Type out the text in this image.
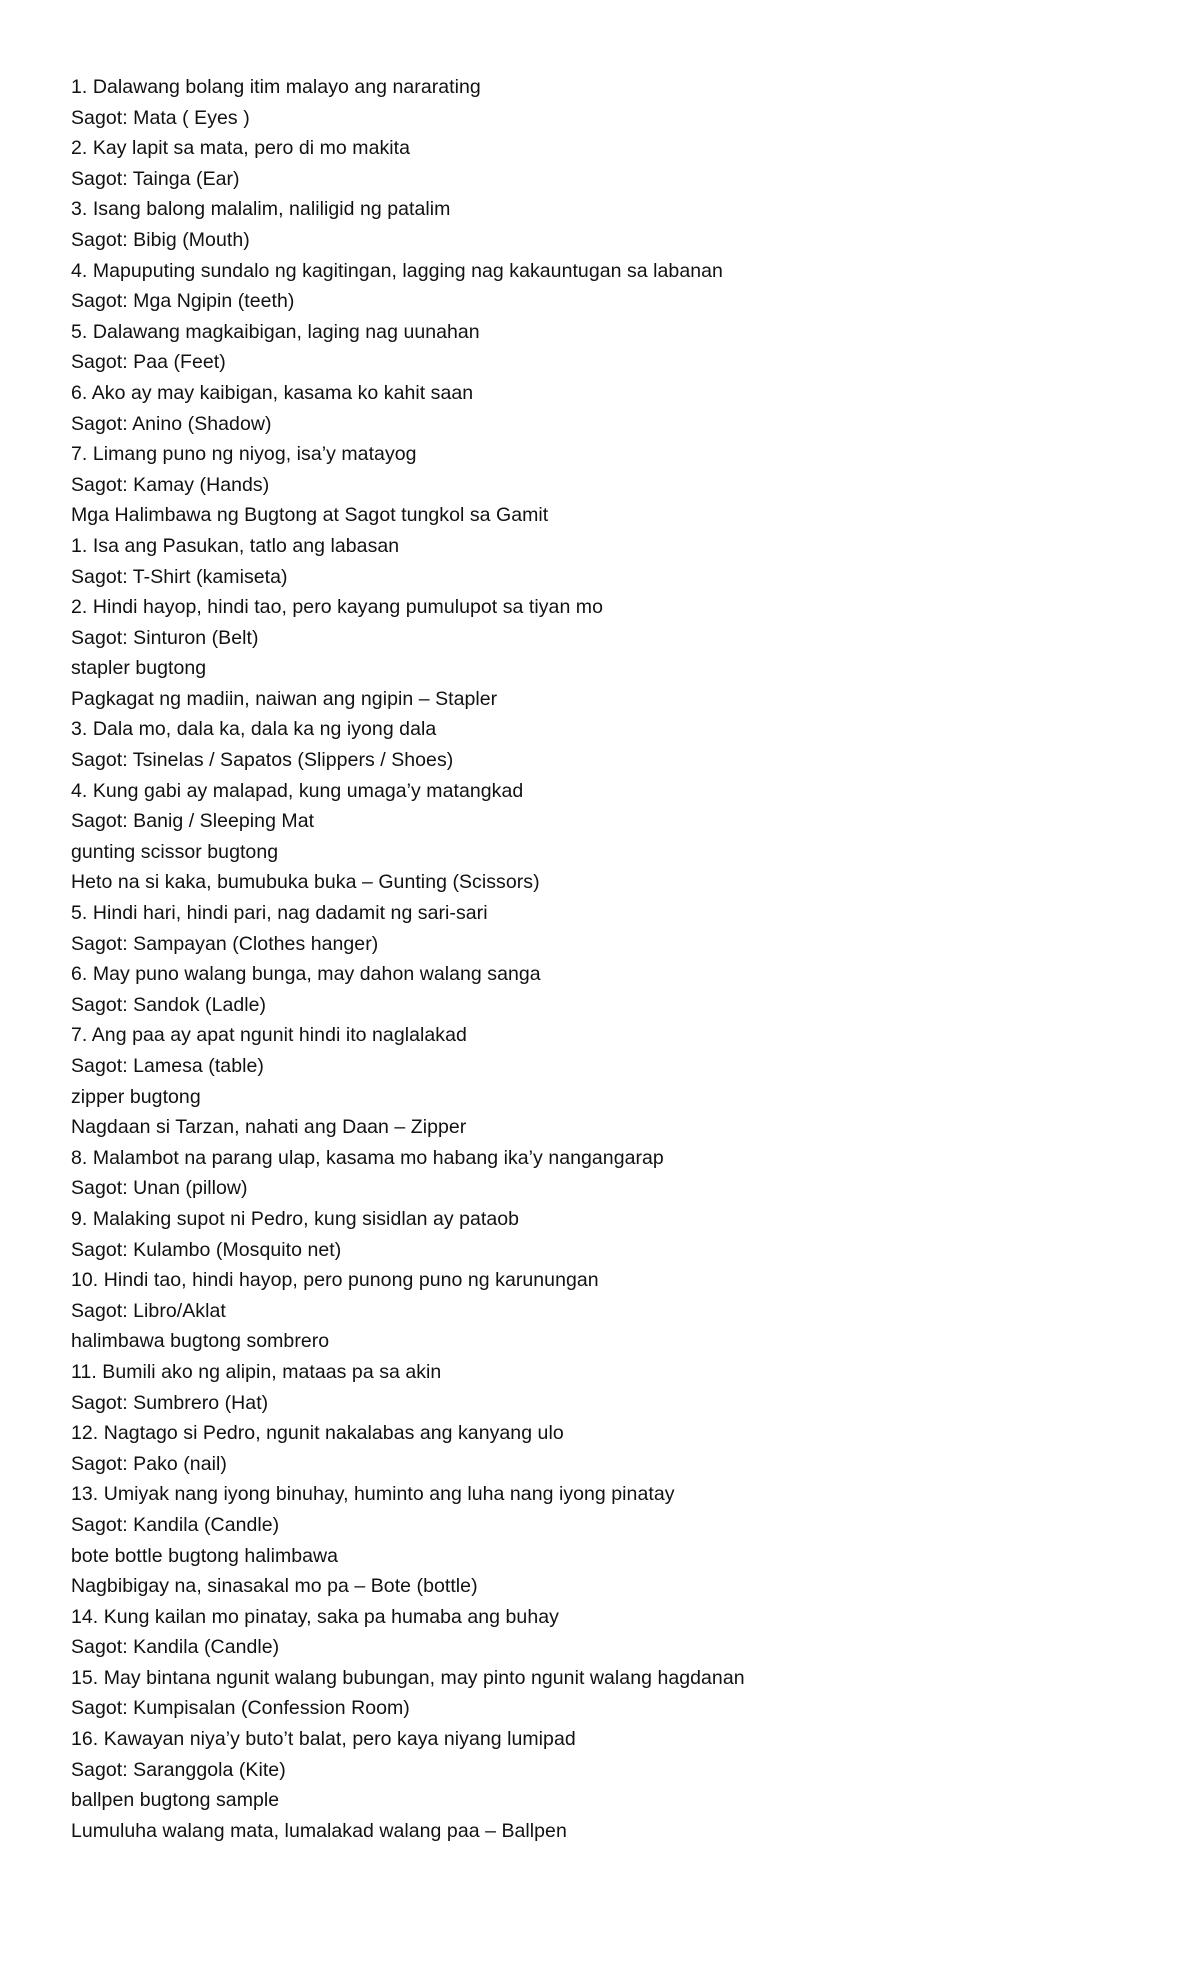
1. Dalawang bolang itim malayo ang nararating
Sagot: Mata ( Eyes )
2. Kay lapit sa mata, pero di mo makita
Sagot: Tainga (Ear)
3. Isang balong malalim, naliligid ng patalim
Sagot: Bibig (Mouth)
4. Mapuputing sundalo ng kagitingan, lagging nag kakauntugan sa labanan
Sagot: Mga Ngipin (teeth)
5. Dalawang magkaibigan, laging nag uunahan
Sagot: Paa (Feet)
6. Ako ay may kaibigan, kasama ko kahit saan
Sagot: Anino (Shadow)
7. Limang puno ng niyog, isa’y matayog
Sagot: Kamay (Hands)
Mga Halimbawa ng Bugtong at Sagot tungkol sa Gamit
1. Isa ang Pasukan, tatlo ang labasan
Sagot: T-Shirt (kamiseta)
2. Hindi hayop, hindi tao, pero kayang pumulupot sa tiyan mo
Sagot: Sinturon (Belt)
stapler bugtong
Pagkagat ng madiin, naiwan ang ngipin – Stapler
3. Dala mo, dala ka, dala ka ng iyong dala
Sagot: Tsinelas / Sapatos (Slippers / Shoes)
4. Kung gabi ay malapad, kung umaga’y matangkad
Sagot: Banig / Sleeping Mat
gunting scissor bugtong
Heto na si kaka, bumubuka buka – Gunting (Scissors)
5. Hindi hari, hindi pari, nag dadamit ng sari-sari
Sagot: Sampayan (Clothes hanger)
6. May puno walang bunga, may dahon walang sanga
Sagot: Sandok (Ladle)
7. Ang paa ay apat ngunit hindi ito naglalakad
Sagot: Lamesa (table)
zipper bugtong
Nagdaan si Tarzan, nahati ang Daan – Zipper
8. Malambot na parang ulap, kasama mo habang ika’y nangangarap
Sagot: Unan (pillow)
9. Malaking supot ni Pedro, kung sisidlan ay pataob
Sagot: Kulambo (Mosquito net)
10. Hindi tao, hindi hayop, pero punong puno ng karunungan
Sagot: Libro/Aklat
halimbawa bugtong sombrero
11. Bumili ako ng alipin, mataas pa sa akin
Sagot: Sumbrero (Hat)
12. Nagtago si Pedro, ngunit nakalabas ang kanyang ulo
Sagot: Pako (nail)
13. Umiyak nang iyong binuhay, huminto ang luha nang iyong pinatay
Sagot: Kandila (Candle)
bote bottle bugtong halimbawa
Nagbibigay na, sinasakal mo pa – Bote (bottle)
14. Kung kailan mo pinatay, saka pa humaba ang buhay
Sagot: Kandila (Candle)
15. May bintana ngunit walang bubungan, may pinto ngunit walang hagdanan
Sagot: Kumpisalan (Confession Room)
16. Kawayan niya’y buto’t balat, pero kaya niyang lumipad
Sagot: Saranggola (Kite)
ballpen bugtong sample
Lumuluha walang mata, lumalakad walang paa – Ballpen
